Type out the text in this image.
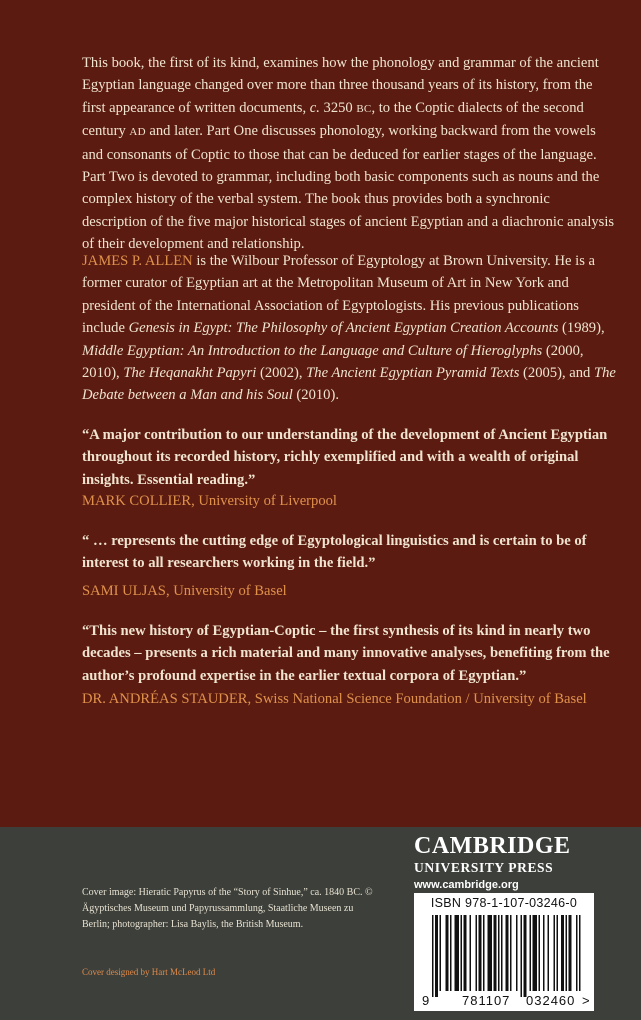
This book, the first of its kind, examines how the phonology and grammar of the ancient Egyptian language changed over more than three thousand years of its history, from the first appearance of written documents, c. 3250 BC, to the Coptic dialects of the second century AD and later. Part One discusses phonology, working backward from the vowels and consonants of Coptic to those that can be deduced for earlier stages of the language. Part Two is devoted to grammar, including both basic components such as nouns and the complex history of the verbal system. The book thus provides both a synchronic description of the five major historical stages of ancient Egyptian and a diachronic analysis of their development and relationship.

JAMES P. ALLEN is the Wilbour Professor of Egyptology at Brown University. He is a former curator of Egyptian art at the Metropolitan Museum of Art in New York and president of the International Association of Egyptologists. His previous publications include Genesis in Egypt: The Philosophy of Ancient Egyptian Creation Accounts (1989), Middle Egyptian: An Introduction to the Language and Culture of Hieroglyphs (2000, 2010), The Heqanakht Papyri (2002), The Ancient Egyptian Pyramid Texts (2005), and The Debate between a Man and his Soul (2010).

“A major contribution to our understanding of the development of Ancient Egyptian throughout its recorded history, richly exemplified and with a wealth of original insights. Essential reading.”

MARK COLLIER, University of Liverpool

“ … represents the cutting edge of Egyptological linguistics and is certain to be of interest to all researchers working in the field.”

SAMI ULJAS, University of Basel

“This new history of Egyptian-Coptic – the first synthesis of its kind in nearly two decades – presents a rich material and many innovative analyses, benefiting from the author’s profound expertise in the earlier textual corpora of Egyptian.”

DR. ANDRÉAS STAUDER, Swiss National Science Foundation / University of Basel

Cover image: Hieratic Papyrus of the “Story of Sinhue,” ca. 1840 BC. © Ägyptisches Museum und Papyrussammlung, Staatliche Museen zu Berlin; photographer: Lisa Baylis, the British Museum.

Cover designed by Hart McLeod Ltd

CAMBRIDGE
UNIVERSITY PRESS
www.cambridge.org
ISBN 978-1-107-03246-0
9 781107 032460 >
